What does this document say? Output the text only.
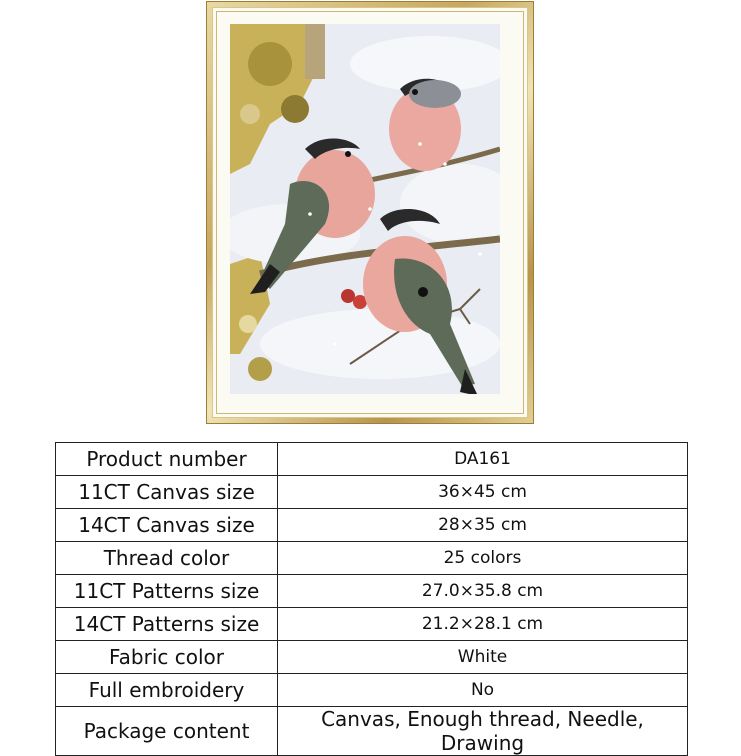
Product number	DA161
11CT Canvas size	36×45 cm
14CT Canvas size	28×35 cm
Thread color	25 colors
11CT Patterns size	27.0×35.8 cm
14CT Patterns size	21.2×28.1 cm
Fabric color	White
Full embroidery	No
Package content	Canvas, Enough thread, Needle, Drawing
